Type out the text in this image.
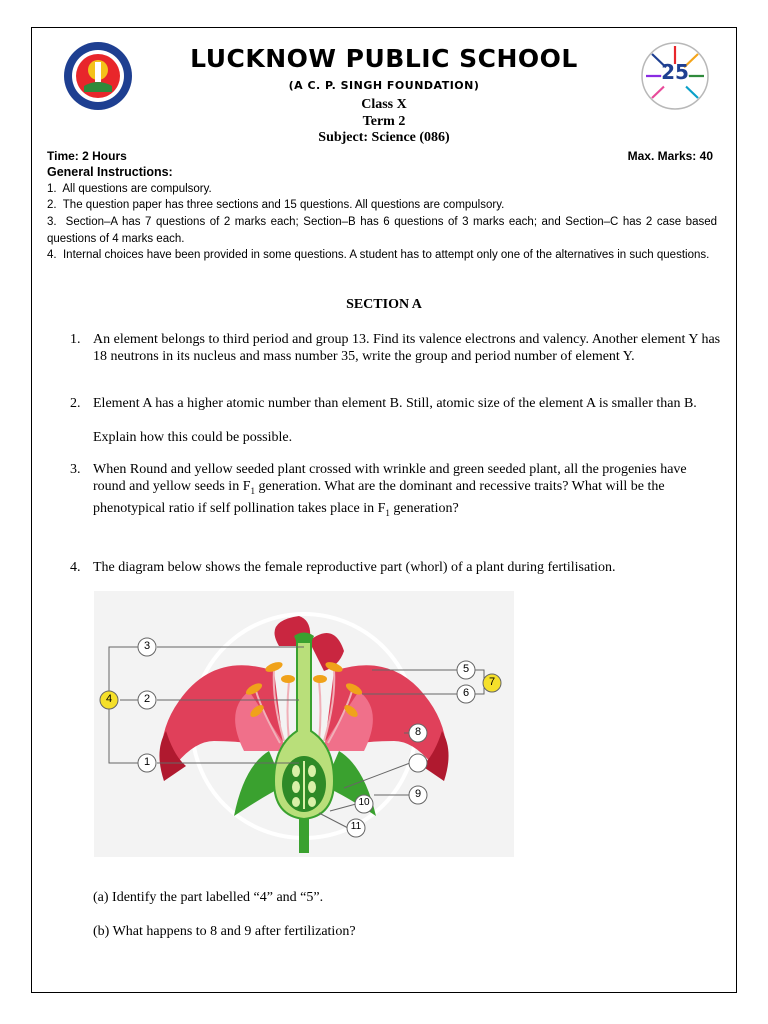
25
LUCKNOW PUBLIC SCHOOL
(A C. P. SINGH FOUNDATION)
Class X
Term 2
Subject: Science (086)
Time: 2 Hours	Max. Marks: 40
General Instructions:
1. All questions are compulsory.
2. The question paper has three sections and 15 questions. All questions are compulsory.
3. Section–A has 7 questions of 2 marks each; Section–B has 6 questions of 3 marks each; and Section–C has 2 case based questions of 4 marks each.
4. Internal choices have been provided in some questions. A student has to attempt only one of the alternatives in such questions.
SECTION A
1. An element belongs to third period and group 13. Find its valence electrons and valency. Another element Y has 18 neutrons in its nucleus and mass number 35, write the group and period number of element Y.
2. Element A has a higher atomic number than element B. Still, atomic size of the element A is smaller than B.
Explain how this could be possible.
3. When Round and yellow seeded plant crossed with wrinkle and green seeded plant, all the progenies have round and yellow seeds in $F_1$ generation. What are the dominant and recessive traits? What will be the phenotypical ratio if self pollination takes place in $F_1$ generation?
4. The diagram below shows the female reproductive part (whorl) of a plant during fertilisation.
3
2
1
4
5
6
7
8
9
10
11
(a) Identify the part labelled “4” and “5”.
(b) What happens to 8 and 9 after fertilization?
